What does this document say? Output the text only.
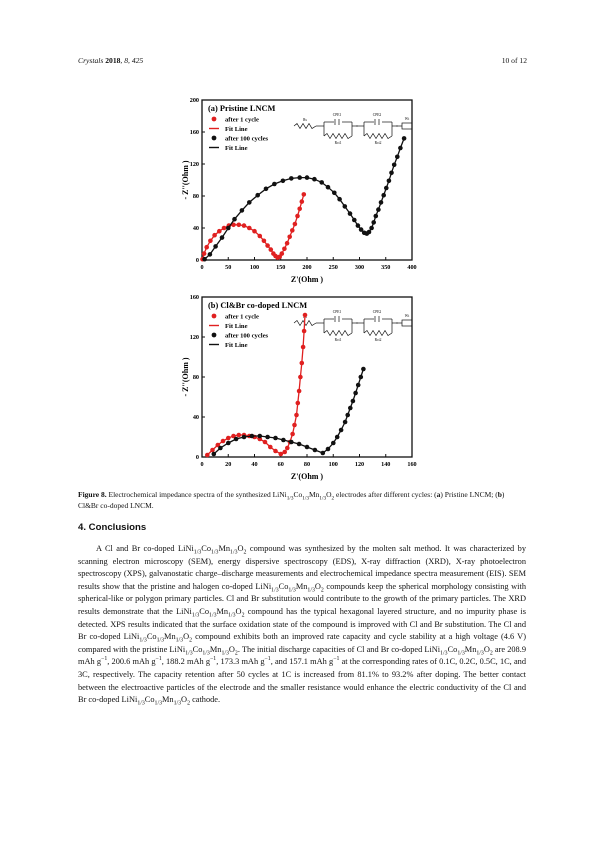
Crystals 2018, 8, 425	10 of 12
0	50	100	150	200	250	300	350	400
0
40
80
120
160
200
Z'(Ohm )
- Z''(Ohm )
(a) Pristine LNCM
after 1 cycle
Fit Line
after 100 cycles
Fit Line
Rs
CPE1
Rct1
CPE2
Rct2
Wt
0	20	40	60	80	100	120	140	160
0
40
80
120
160
Z'(Ohm )
- Z''(Ohm )
(b) Cl&Br co-doped LNCM
after 1 cycle
Fit Line
after 100 cycles
Fit Line
CPE1
Rct1
CPE2
Rct2
Wt
Figure 8. Electrochemical impedance spectra of the synthesized $LiNi_{1/3}Co_{1/3}Mn_{1/3}O_2$ electrodes after different cycles: (a) Pristine LNCM; (b) Cl&Br co-doped LNCM.
4. Conclusions
A Cl and Br co-doped $LiNi_{1/3}Co_{1/3}Mn_{1/3}O_2$ compound was synthesized by the molten salt method. It was characterized by scanning electron microscopy (SEM), energy dispersive spectroscopy (EDS), X-ray diffraction (XRD), X-ray photoelectron spectroscopy (XPS), galvanostatic charge–discharge measurements and electrochemical impedance spectra measurement (EIS). SEM results show that the pristine and halogen co-doped $LiNi_{1/3}Co_{1/3}Mn_{1/3}O_2$ compounds keep the spherical morphology consisting with spherical-like or polygon primary particles. Cl and Br substitution would contribute to the growth of the primary particles. The XRD results demonstrate that the $LiNi_{1/3}Co_{1/3}Mn_{1/3}O_2$ compound has the typical hexagonal layered structure, and no impurity phase is detected. XPS results indicated that the surface oxidation state of the compound is improved with Cl and Br substitution. The Cl and Br co-doped $LiNi_{1/3}Co_{1/3}Mn_{1/3}O_2$ compound exhibits both an improved rate capacity and cycle stability at a high voltage (4.6 V) compared with the pristine $LiNi_{1/3}Co_{1/3}Mn_{1/3}O_2$. The initial discharge capacities of Cl and Br co-doped $LiNi_{1/3}Co_{1/3}Mn_{1/3}O_2$ are 208.9 mAh $g^{-1}$, 200.6 mAh $g^{-1}$, 188.2 mAh $g^{-1}$, 173.3 mAh $g^{-1}$, and 157.1 mAh $g^{-1}$ at the corresponding rates of 0.1C, 0.2C, 0.5C, 1C, and 3C, respectively. The capacity retention after 50 cycles at 1C is increased from 81.1% to 93.2% after doping. The better contact between the electroactive particles of the electrode and the smaller resistance would enhance the electric conductivity of the Cl and Br co-doped $LiNi_{1/3}Co_{1/3}Mn_{1/3}O_2$ cathode.
